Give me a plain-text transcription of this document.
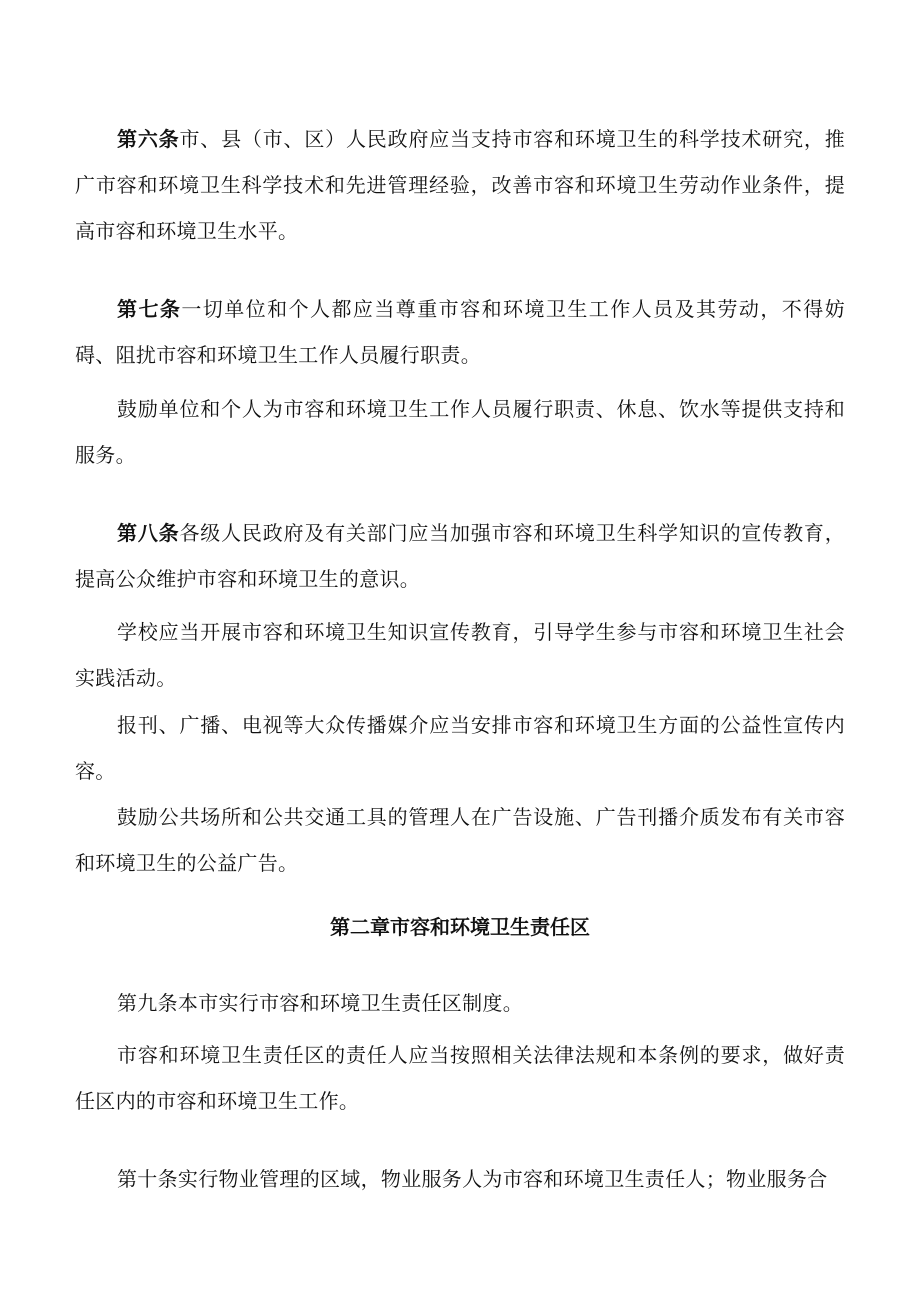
第六条市、县（市、区）人民政府应当支持市容和环境卫生的科学技术研究，推广市容和环境卫生科学技术和先进管理经验，改善市容和环境卫生劳动作业条件，提高市容和环境卫生水平。

第七条一切单位和个人都应当尊重市容和环境卫生工作人员及其劳动，不得妨碍、阻扰市容和环境卫生工作人员履行职责。

鼓励单位和个人为市容和环境卫生工作人员履行职责、休息、饮水等提供支持和服务。

第八条各级人民政府及有关部门应当加强市容和环境卫生科学知识的宣传教育，提高公众维护市容和环境卫生的意识。

学校应当开展市容和环境卫生知识宣传教育，引导学生参与市容和环境卫生社会实践活动。

报刊、广播、电视等大众传播媒介应当安排市容和环境卫生方面的公益性宣传内容。

鼓励公共场所和公共交通工具的管理人在广告设施、广告刊播介质发布有关市容和环境卫生的公益广告。

第二章市容和环境卫生责任区

第九条本市实行市容和环境卫生责任区制度。

市容和环境卫生责任区的责任人应当按照相关法律法规和本条例的要求，做好责任区内的市容和环境卫生工作。

第十条实行物业管理的区域，物业服务人为市容和环境卫生责任人；物业服务合
